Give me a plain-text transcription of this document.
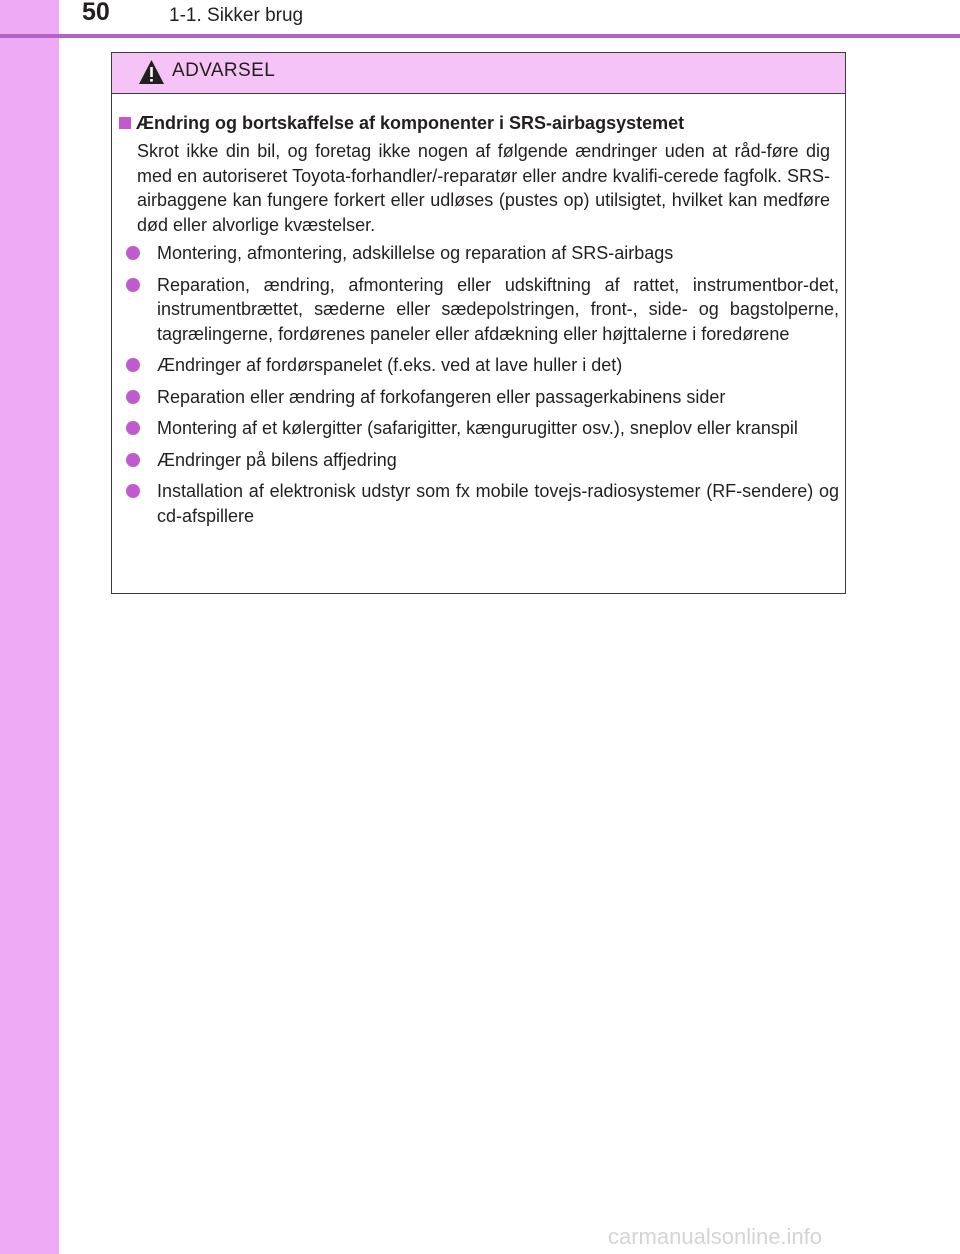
50	1-1. Sikker brug
ADVARSEL
Ændring og bortskaffelse af komponenter i SRS-airbagsystemet
Skrot ikke din bil, og foretag ikke nogen af følgende ændringer uden at råd-føre dig med en autoriseret Toyota-forhandler/-reparatør eller andre kvalifi-cerede fagfolk. SRS-airbaggene kan fungere forkert eller udløses (pustes op) utilsigtet, hvilket kan medføre død eller alvorlige kvæstelser.
Montering, afmontering, adskillelse og reparation af SRS-airbags
Reparation, ændring, afmontering eller udskiftning af rattet, instrumentbor-det, instrumentbrættet, sæderne eller sædepolstringen, front-, side- og bagstolperne, tagrælingerne, fordørenes paneler eller afdækning eller højttalerne i foredørene
Ændringer af fordørspanelet (f.eks. ved at lave huller i det)
Reparation eller ændring af forkofangeren eller passagerkabinens sider
Montering af et kølergitter (safarigitter, kængurugitter osv.), sneplov eller kranspil
Ændringer på bilens affjedring
Installation af elektronisk udstyr som fx mobile tovejs-radiosystemer (RF-sendere) og cd-afspillere
carmanualsonline.info
